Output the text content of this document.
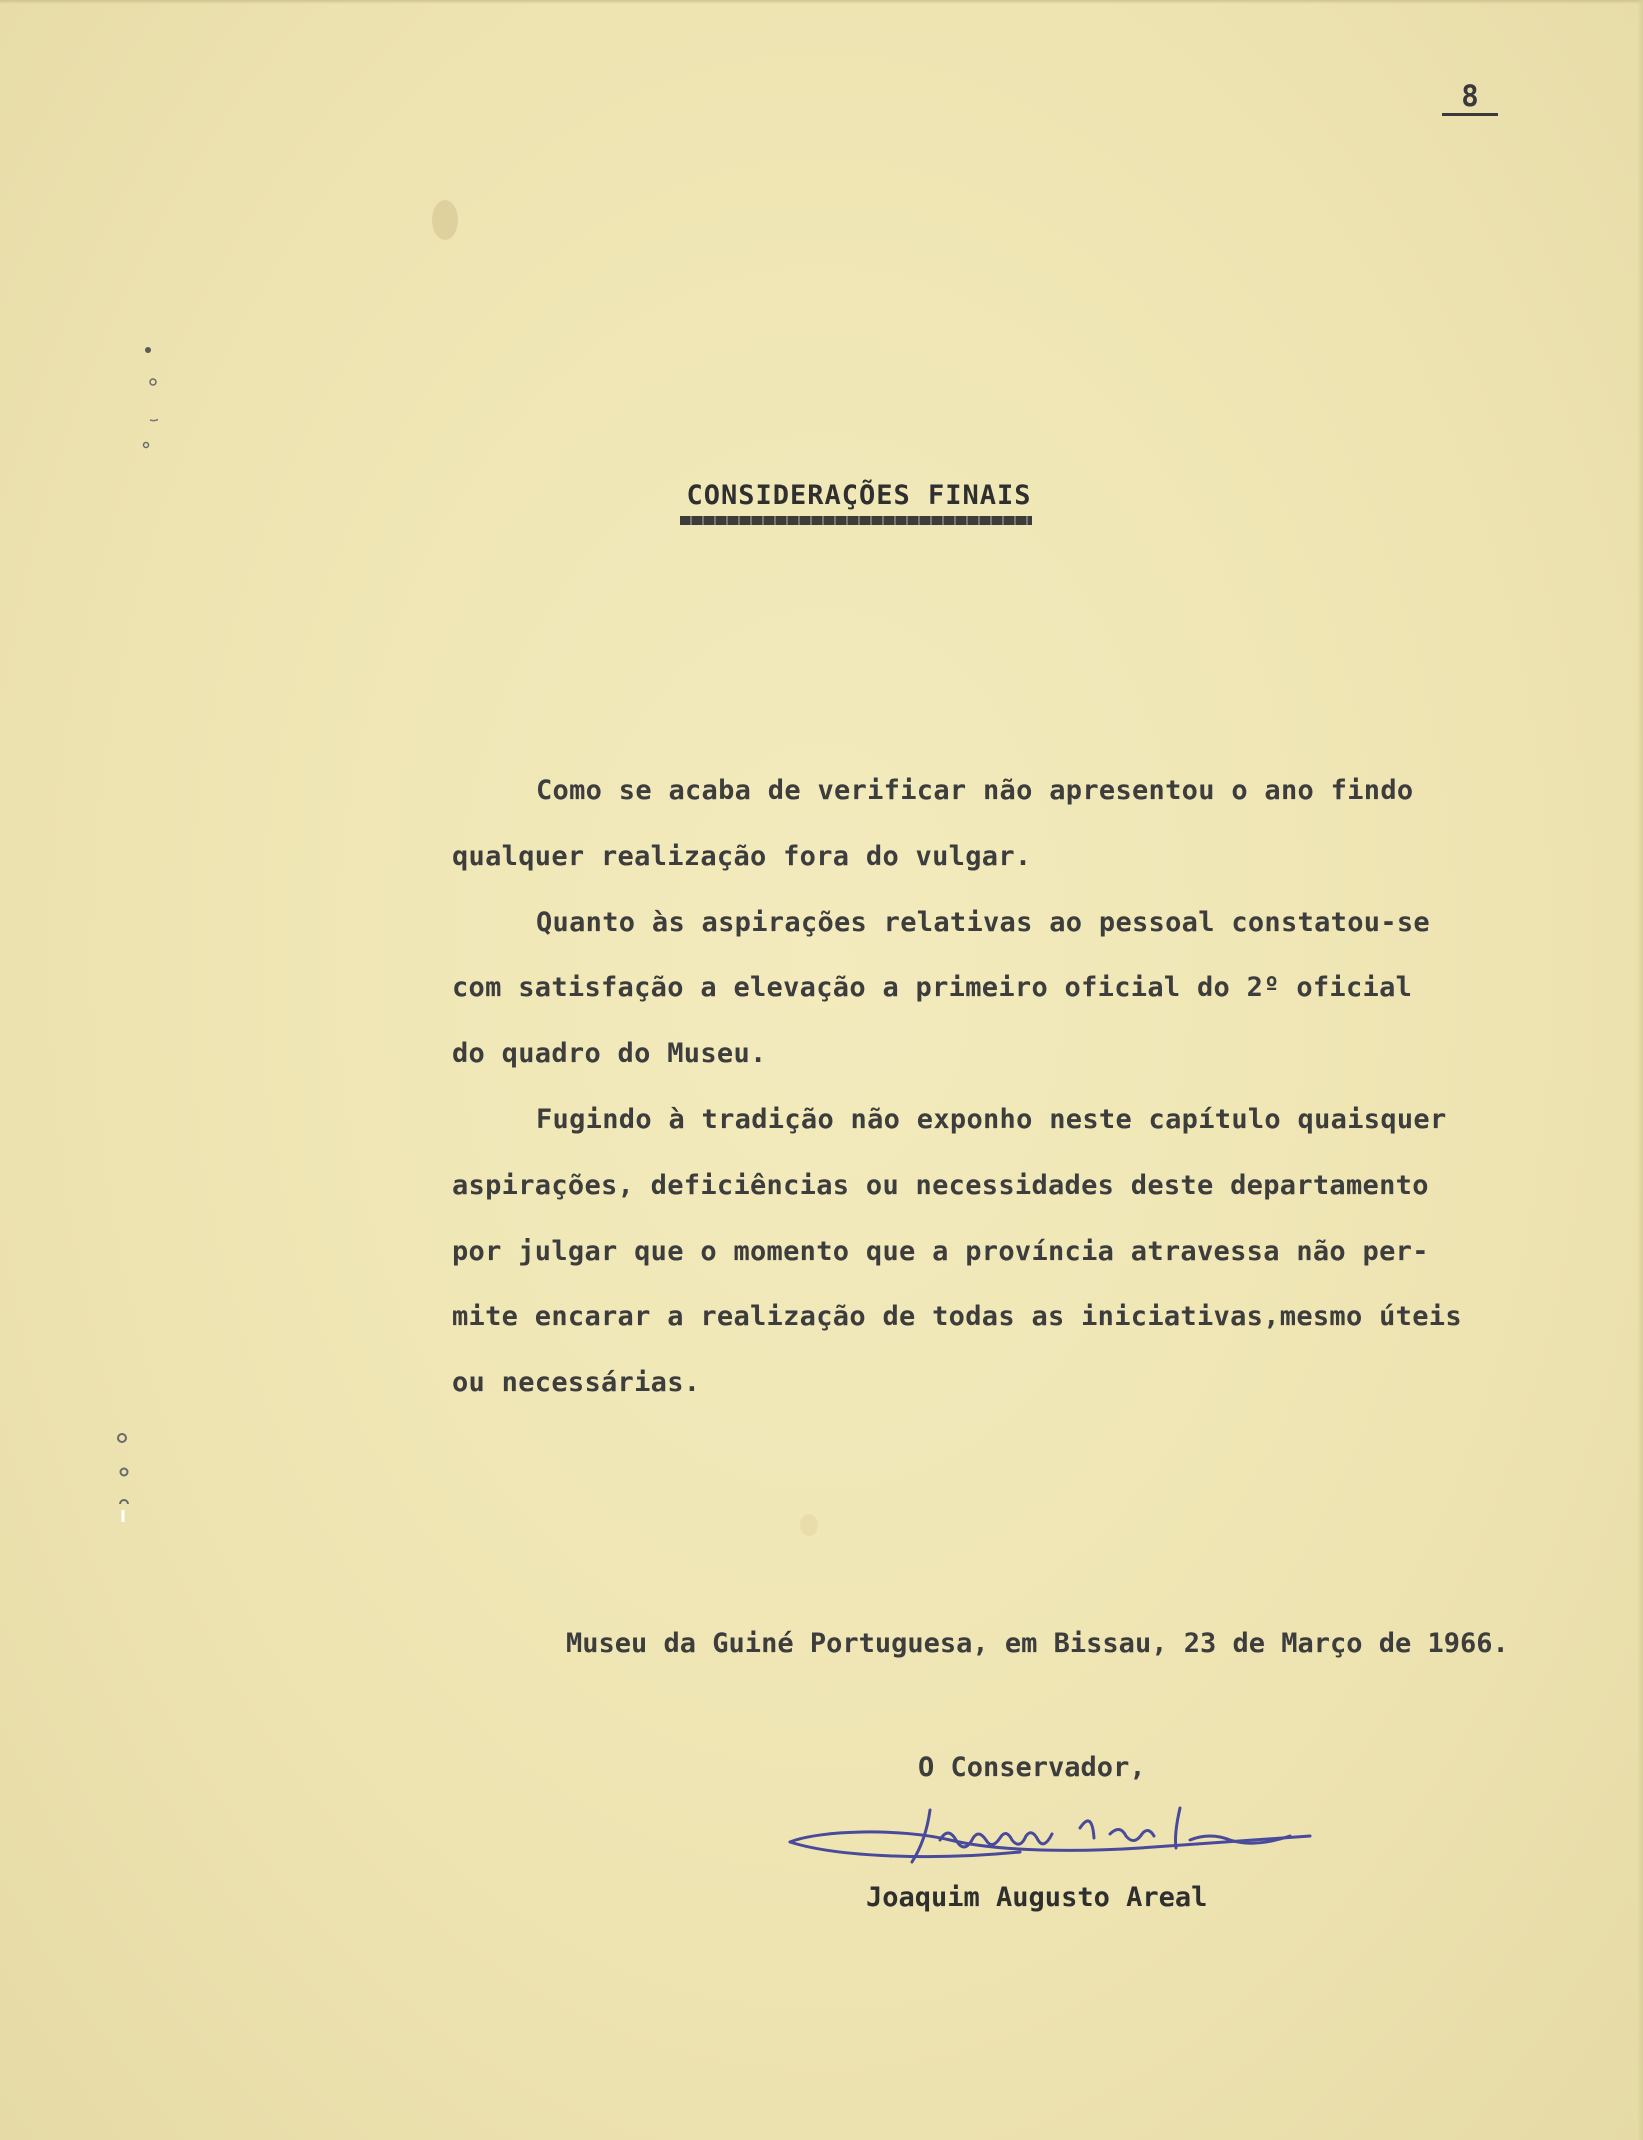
8
CONSIDERAÇÕES FINAIS

Como se acaba de verificar não apresentou o ano findo

qualquer realização fora do vulgar.

Quanto às aspirações relativas ao pessoal constatou-se

com satisfação a elevação a primeiro oficial do 2º oficial

do quadro do Museu.

Fugindo à tradição não exponho neste capítulo quaisquer

aspirações, deficiências ou necessidades deste departamento

por julgar que o momento que a província atravessa não per-

mite encarar a realização de todas as iniciativas,mesmo úteis

ou necessárias.

Museu da Guiné Portuguesa, em Bissau, 23 de Março de 1966.
O Conservador,
Joaquim Augusto Areal
